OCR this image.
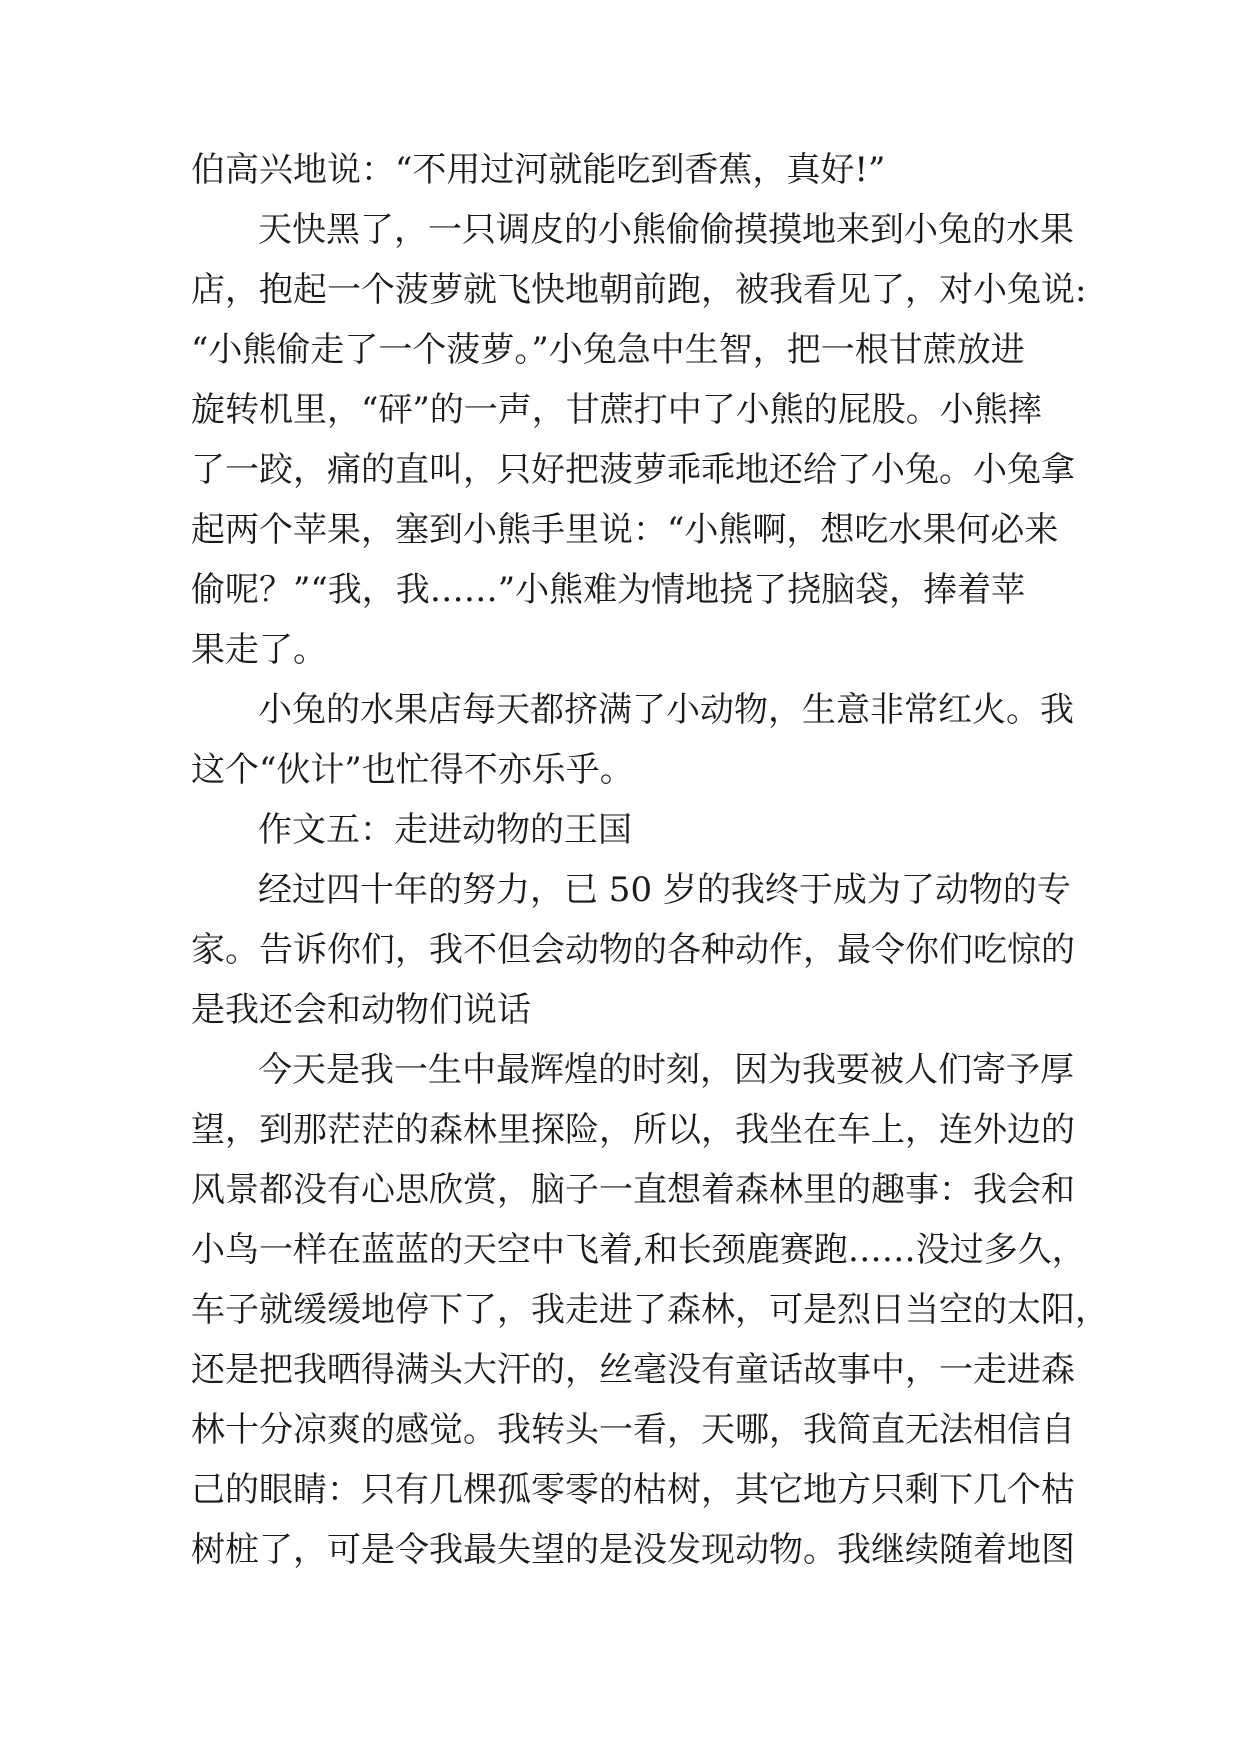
伯高兴地说：“不用过河就能吃到香蕉，真好!”

天快黑了，一只调皮的小熊偷偷摸摸地来到小兔的水果

店，抱起一个菠萝就飞快地朝前跑，被我看见了，对小兔说:

“小熊偷走了一个菠萝。”小兔急中生智，把一根甘蔗放进

旋转机里，“砰”的一声，甘蔗打中了小熊的屁股。小熊摔

了一跤，痛的直叫，只好把菠萝乖乖地还给了小兔。小兔拿

起两个苹果，塞到小熊手里说：“小熊啊，想吃水果何必来

偷呢？”“我，我……”小熊难为情地挠了挠脑袋，捧着苹

果走了。

小兔的水果店每天都挤满了小动物，生意非常红火。我

这个“伙计”也忙得不亦乐乎。

作文五：走进动物的王国

经过四十年的努力，已 50 岁的我终于成为了动物的专

家。告诉你们，我不但会动物的各种动作，最令你们吃惊的

是我还会和动物们说话

今天是我一生中最辉煌的时刻，因为我要被人们寄予厚

望，到那茫茫的森林里探险，所以，我坐在车上，连外边的

风景都没有心思欣赏，脑子一直想着森林里的趣事：我会和

小鸟一样在蓝蓝的天空中飞着,和长颈鹿赛跑……没过多久，

车子就缓缓地停下了，我走进了森林，可是烈日当空的太阳，

还是把我晒得满头大汗的，丝毫没有童话故事中，一走进森

林十分凉爽的感觉。我转头一看，天哪，我简直无法相信自

己的眼睛：只有几棵孤零零的枯树，其它地方只剩下几个枯

树桩了，可是令我最失望的是没发现动物。我继续随着地图
